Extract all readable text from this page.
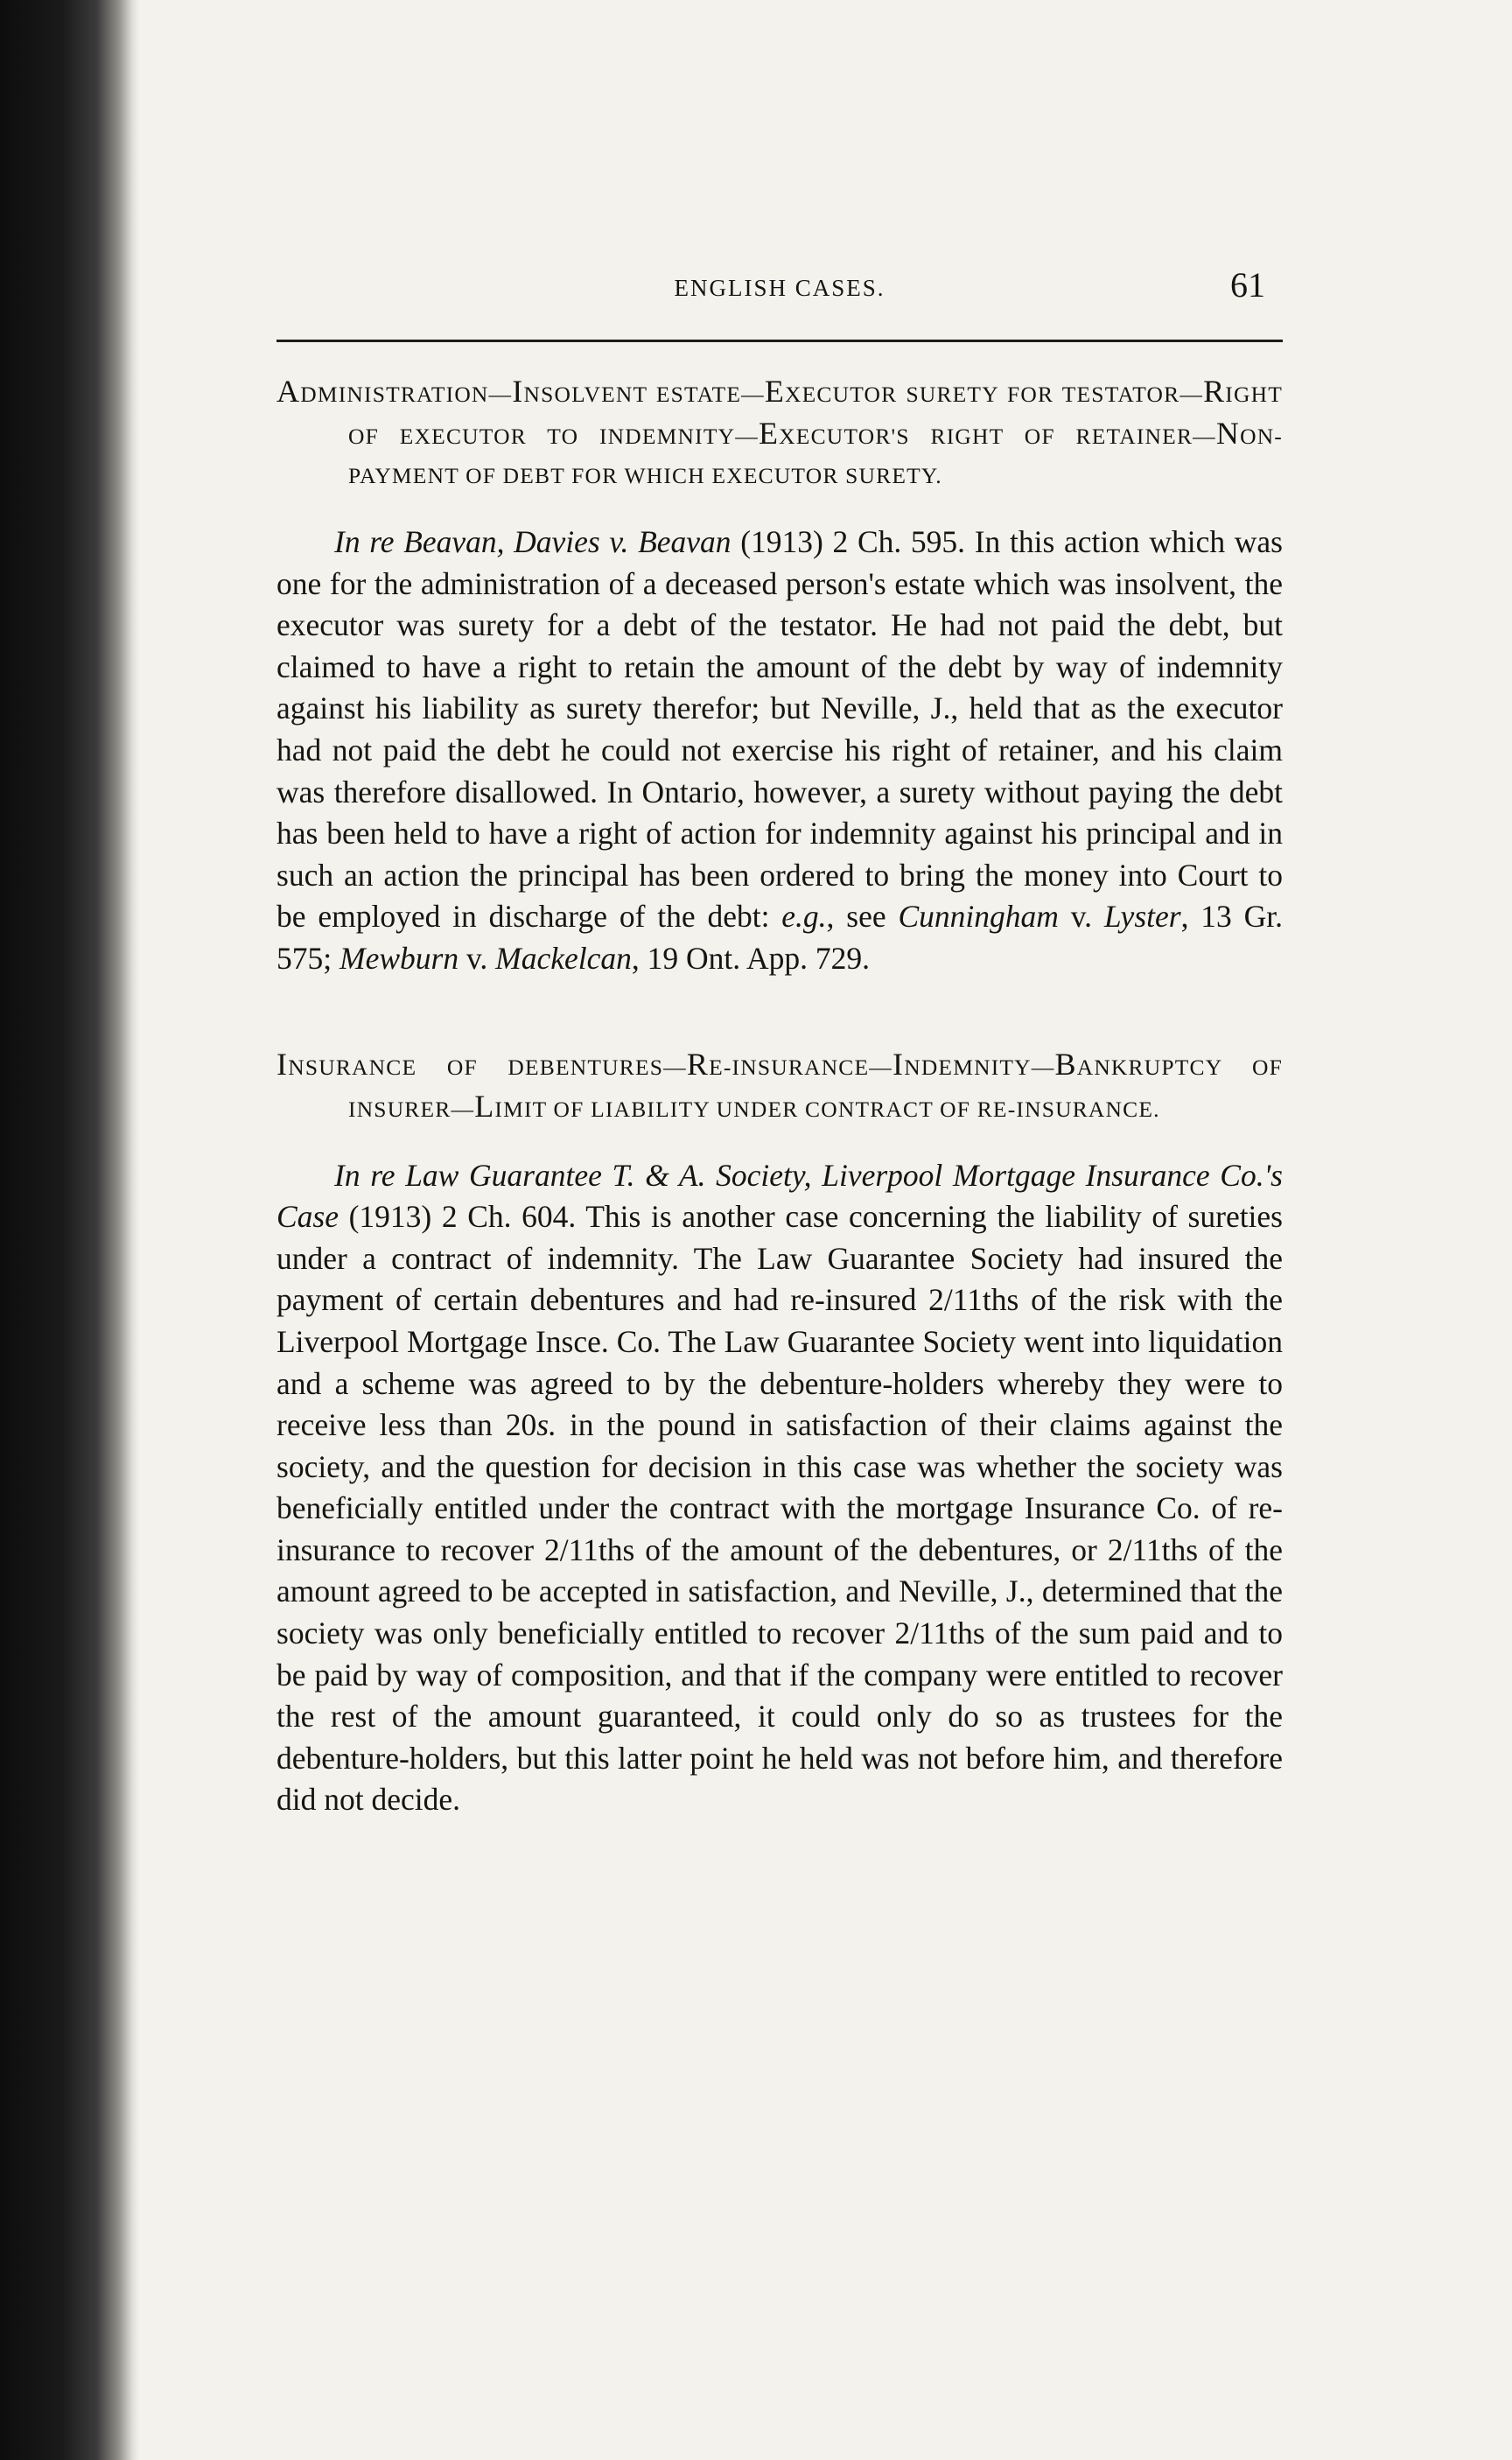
ENGLISH CASES.	61

ADMINISTRATION—INSOLVENT ESTATE—EXECUTOR SURETY FOR TESTATOR—RIGHT OF EXECUTOR TO INDEMNITY—EXECUTOR'S RIGHT OF RETAINER—NON-PAYMENT OF DEBT FOR WHICH EXECUTOR SURETY.

In re Beavan, Davies v. Beavan (1913) 2 Ch. 595. In this action which was one for the administration of a deceased person's estate which was insolvent, the executor was surety for a debt of the testator. He had not paid the debt, but claimed to have a right to retain the amount of the debt by way of indemnity against his liability as surety therefor; but Neville, J., held that as the executor had not paid the debt he could not exercise his right of retainer, and his claim was therefore disallowed. In Ontario, however, a surety without paying the debt has been held to have a right of action for indemnity against his principal and in such an action the principal has been ordered to bring the money into Court to be employed in discharge of the debt: e.g., see Cunningham v. Lyster, 13 Gr. 575; Mewburn v. Mackelcan, 19 Ont. App. 729.

INSURANCE OF DEBENTURES—RE-INSURANCE—INDEMNITY—BANKRUPTCY OF INSURER—LIMIT OF LIABILITY UNDER CONTRACT OF RE-INSURANCE.

In re Law Guarantee T. & A. Society, Liverpool Mortgage Insurance Co.'s Case (1913) 2 Ch. 604. This is another case concerning the liability of sureties under a contract of indemnity. The Law Guarantee Society had insured the payment of certain debentures and had re-insured 2/11ths of the risk with the Liverpool Mortgage Insce. Co. The Law Guarantee Society went into liquidation and a scheme was agreed to by the debenture-holders whereby they were to receive less than 20s. in the pound in satisfaction of their claims against the society, and the question for decision in this case was whether the society was beneficially entitled under the contract with the mortgage Insurance Co. of re-insurance to recover 2/11ths of the amount of the debentures, or 2/11ths of the amount agreed to be accepted in satisfaction, and Neville, J., determined that the society was only beneficially entitled to recover 2/11ths of the sum paid and to be paid by way of composition, and that if the company were entitled to recover the rest of the amount guaranteed, it could only do so as trustees for the debenture-holders, but this latter point he held was not before him, and therefore did not decide.
